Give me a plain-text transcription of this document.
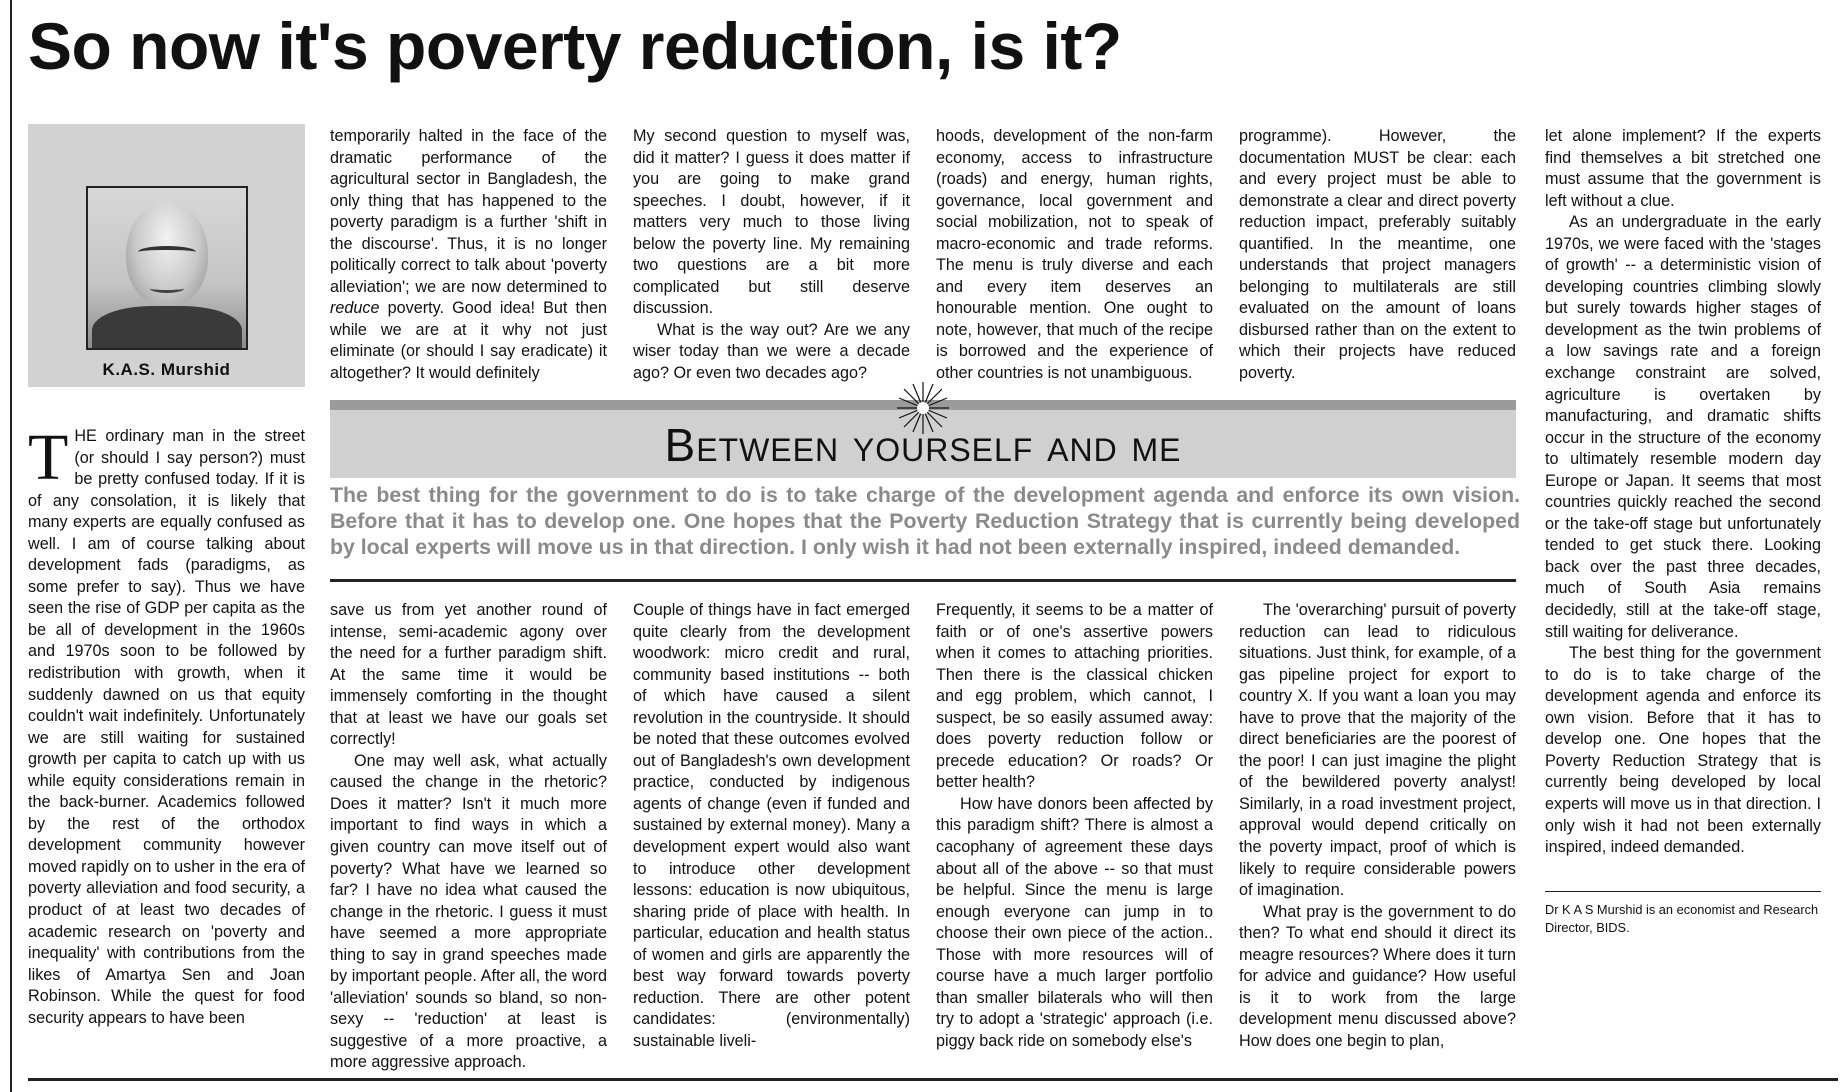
So now it's poverty reduction, is it?
K.A.S. Murshid

THE ordinary man in the street (or should I say person?) must be pretty confused today. If it is of any consolation, it is likely that many experts are equally confused as well. I am of course talking about development fads (paradigms, as some prefer to say). Thus we have seen the rise of GDP per capita as the be all of development in the 1960s and 1970s soon to be followed by redistribution with growth, when it suddenly dawned on us that equity couldn't wait indefinitely. Unfortunately we are still waiting for sustained growth per capita to catch up with us while equity considerations remain in the back-burner. Academics followed by the rest of the orthodox development community however moved rapidly on to usher in the era of poverty alleviation and food security, a product of at least two decades of academic research on 'poverty and inequality' with contributions from the likes of Amartya Sen and Joan Robinson. While the quest for food security appears to have been

temporarily halted in the face of the dramatic performance of the agricultural sector in Bangladesh, the only thing that has happened to the poverty paradigm is a further 'shift in the discourse'. Thus, it is no longer politically correct to talk about 'poverty alleviation'; we are now determined to reduce poverty. Good idea! But then while we are at it why not just eliminate (or should I say eradicate) it altogether? It would definitely

My second question to myself was, did it matter? I guess it does matter if you are going to make grand speeches. I doubt, however, if it matters very much to those living below the poverty line. My remaining two questions are a bit more complicated but still deserve discussion.

What is the way out? Are we any wiser today than we were a decade ago? Or even two decades ago?

hoods, development of the non-farm economy, access to infrastructure (roads) and energy, human rights, governance, local government and social mobilization, not to speak of macro-economic and trade reforms. The menu is truly diverse and each and every item deserves an honourable mention. One ought to note, however, that much of the recipe is borrowed and the experience of other countries is not unambiguous.

programme). However, the documentation MUST be clear: each and every project must be able to demonstrate a clear and direct poverty reduction impact, preferably suitably quantified. In the meantime, one understands that project managers belonging to multilaterals are still evaluated on the amount of loans disbursed rather than on the extent to which their projects have reduced poverty.

Between yourself and me
The best thing for the government to do is to take charge of the development agenda and enforce its own vision. Before that it has to develop one. One hopes that the Poverty Reduction Strategy that is currently being developed by local experts will move us in that direction. I only wish it had not been externally inspired, indeed demanded.

save us from yet another round of intense, semi-academic agony over the need for a further paradigm shift. At the same time it would be immensely comforting in the thought that at least we have our goals set correctly!

One may well ask, what actually caused the change in the rhetoric? Does it matter? Isn't it much more important to find ways in which a given country can move itself out of poverty? What have we learned so far? I have no idea what caused the change in the rhetoric. I guess it must have seemed a more appropriate thing to say in grand speeches made by important people. After all, the word 'alleviation' sounds so bland, so non-sexy -- 'reduction' at least is suggestive of a more proactive, a more aggressive approach.

Couple of things have in fact emerged quite clearly from the development woodwork: micro credit and rural, community based institutions -- both of which have caused a silent revolution in the countryside. It should be noted that these outcomes evolved out of Bangladesh's own development practice, conducted by indigenous agents of change (even if funded and sustained by external money). Many a development expert would also want to introduce other development lessons: education is now ubiquitous, sharing pride of place with health. In particular, education and health status of women and girls are apparently the best way forward towards poverty reduction. There are other potent candidates: (environmentally) sustainable liveli-

Frequently, it seems to be a matter of faith or of one's assertive powers when it comes to attaching priorities. Then there is the classical chicken and egg problem, which cannot, I suspect, be so easily assumed away: does poverty reduction follow or precede education? Or roads? Or better health?

How have donors been affected by this paradigm shift? There is almost a cacophany of agreement these days about all of the above -- so that must be helpful. Since the menu is large enough everyone can jump in to choose their own piece of the action.. Those with more resources will of course have a much larger portfolio than smaller bilaterals who will then try to adopt a 'strategic' approach (i.e. piggy back ride on somebody else's

The 'overarching' pursuit of poverty reduction can lead to ridiculous situations. Just think, for example, of a gas pipeline project for export to country X. If you want a loan you may have to prove that the majority of the direct beneficiaries are the poorest of the poor! I can just imagine the plight of the bewildered poverty analyst! Similarly, in a road investment project, approval would depend critically on the poverty impact, proof of which is likely to require considerable powers of imagination.

What pray is the government to do then? To what end should it direct its meagre resources? Where does it turn for advice and guidance? How useful is it to work from the large development menu discussed above? How does one begin to plan,

let alone implement? If the experts find themselves a bit stretched one must assume that the government is left without a clue.

As an undergraduate in the early 1970s, we were faced with the 'stages of growth' -- a deterministic vision of developing countries climbing slowly but surely towards higher stages of development as the twin problems of a low savings rate and a foreign exchange constraint are solved, agriculture is overtaken by manufacturing, and dramatic shifts occur in the structure of the economy to ultimately resemble modern day Europe or Japan. It seems that most countries quickly reached the second or the take-off stage but unfortunately tended to get stuck there. Looking back over the past three decades, much of South Asia remains decidedly, still at the take-off stage, still waiting for deliverance.

The best thing for the government to do is to take charge of the development agenda and enforce its own vision. Before that it has to develop one. One hopes that the Poverty Reduction Strategy that is currently being developed by local experts will move us in that direction. I only wish it had not been externally inspired, indeed demanded.

Dr K A S Murshid is an economist and Research Director, BIDS.
